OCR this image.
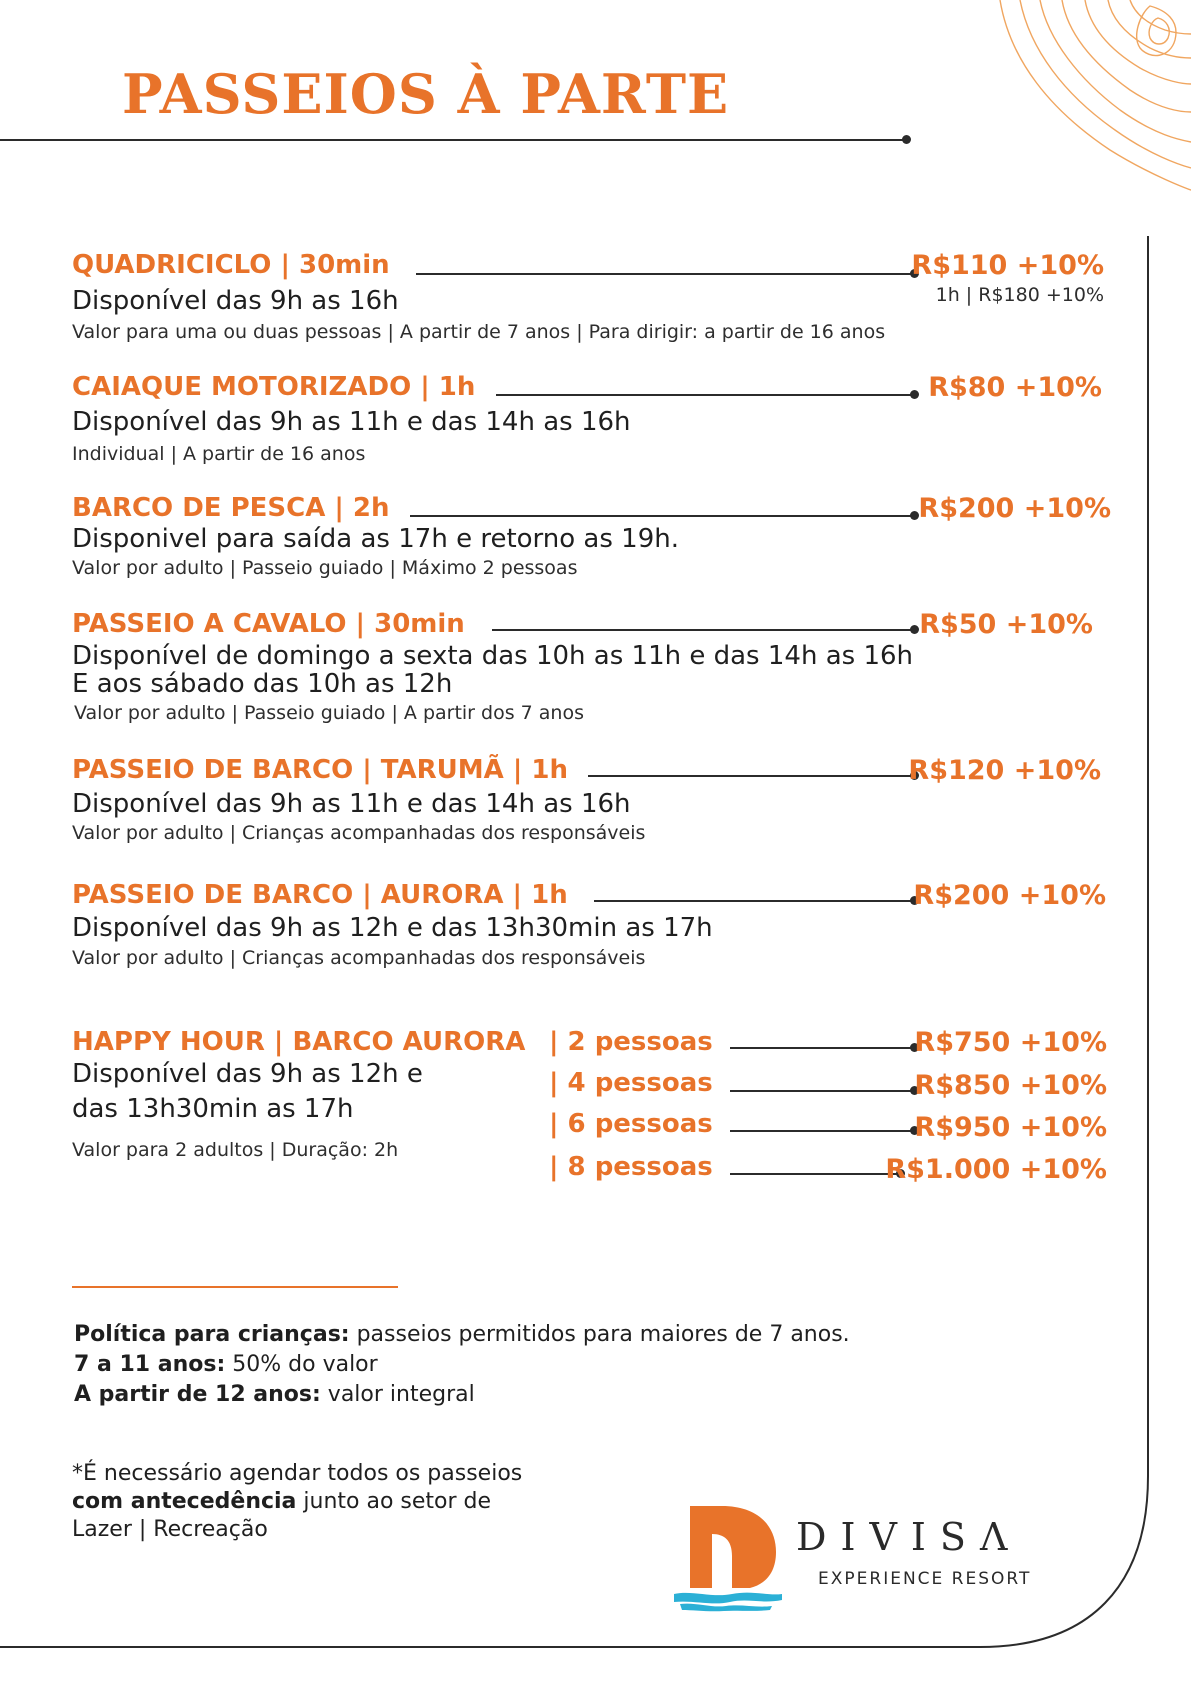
PASSEIOS À PARTE
QUADRICICLO | 30min	R$110 +10%
1h | R$180 +10%
Disponível das 9h as 16h
Valor para uma ou duas pessoas | A partir de 7 anos | Para dirigir: a partir de 16 anos
CAIAQUE MOTORIZADO | 1h	R$80 +10%
Disponível das 9h as 11h e das 14h as 16h
Individual | A partir de 16 anos
BARCO DE PESCA | 2h	R$200 +10%
Disponivel para saída as 17h e retorno as 19h.
Valor por adulto | Passeio guiado | Máximo 2 pessoas
PASSEIO A CAVALO | 30min	R$50 +10%
Disponível de domingo a sexta das 10h as 11h e das 14h as 16h
E aos sábado das 10h as 12h
Valor por adulto | Passeio guiado | A partir dos 7 anos
PASSEIO DE BARCO | TARUMÃ | 1h	R$120 +10%
Disponível das 9h as 11h e das 14h as 16h
Valor por adulto | Crianças acompanhadas dos responsáveis
PASSEIO DE BARCO | AURORA | 1h	R$200 +10%
Disponível das 9h as 12h e das 13h30min as 17h
Valor por adulto | Crianças acompanhadas dos responsáveis
HAPPY HOUR | BARCO AURORA
Disponível das 9h as 12h e
das 13h30min as 17h
Valor para 2 adultos | Duração: 2h
| 2 pessoas	R$750 +10%
| 4 pessoas	R$850 +10%
| 6 pessoas	R$950 +10%
| 8 pessoas	R$1.000 +10%
Política para crianças: passeios permitidos para maiores de 7 anos.
7 a 11 anos: 50% do valor
A partir de 12 anos: valor integral
*É necessário agendar todos os passeios com antecedência junto ao setor de Lazer | Recreação	DIVISΛ
EXPERIENCE RESORT
